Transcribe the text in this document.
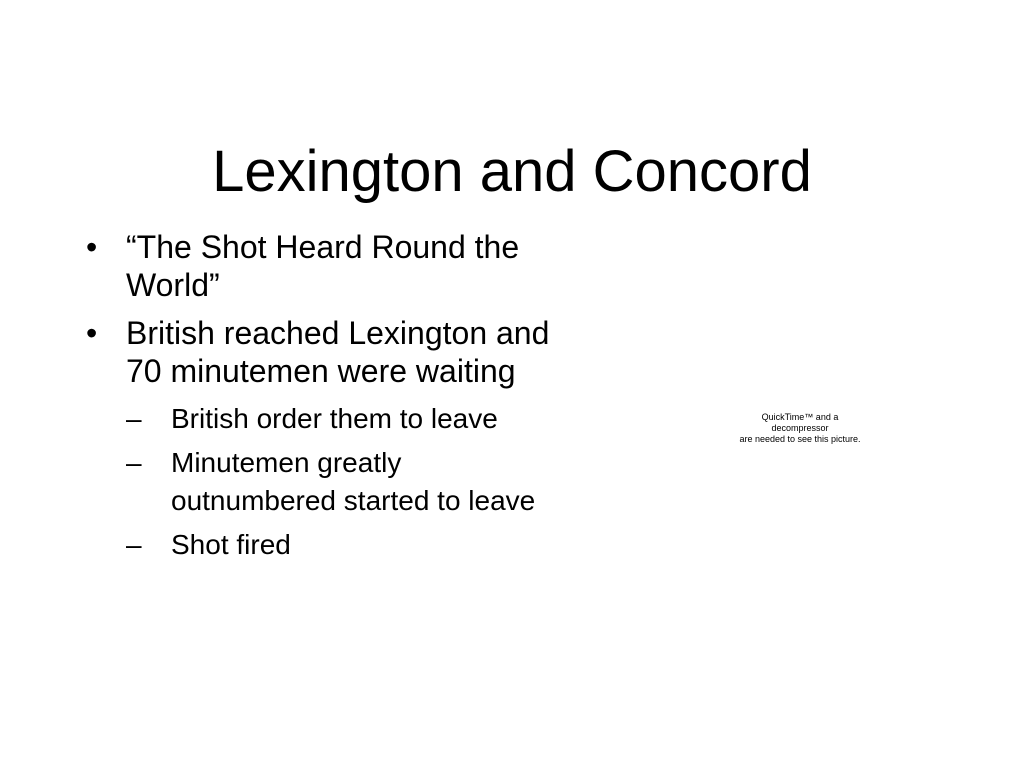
Lexington and Concord
• “The Shot Heard Round the World”
• British reached Lexington and 70 minutemen were waiting
– British order them to leave
– Minutemen greatly outnumbered started to leave
– Shot fired
QuickTime™ and a
decompressor
are needed to see this picture.
